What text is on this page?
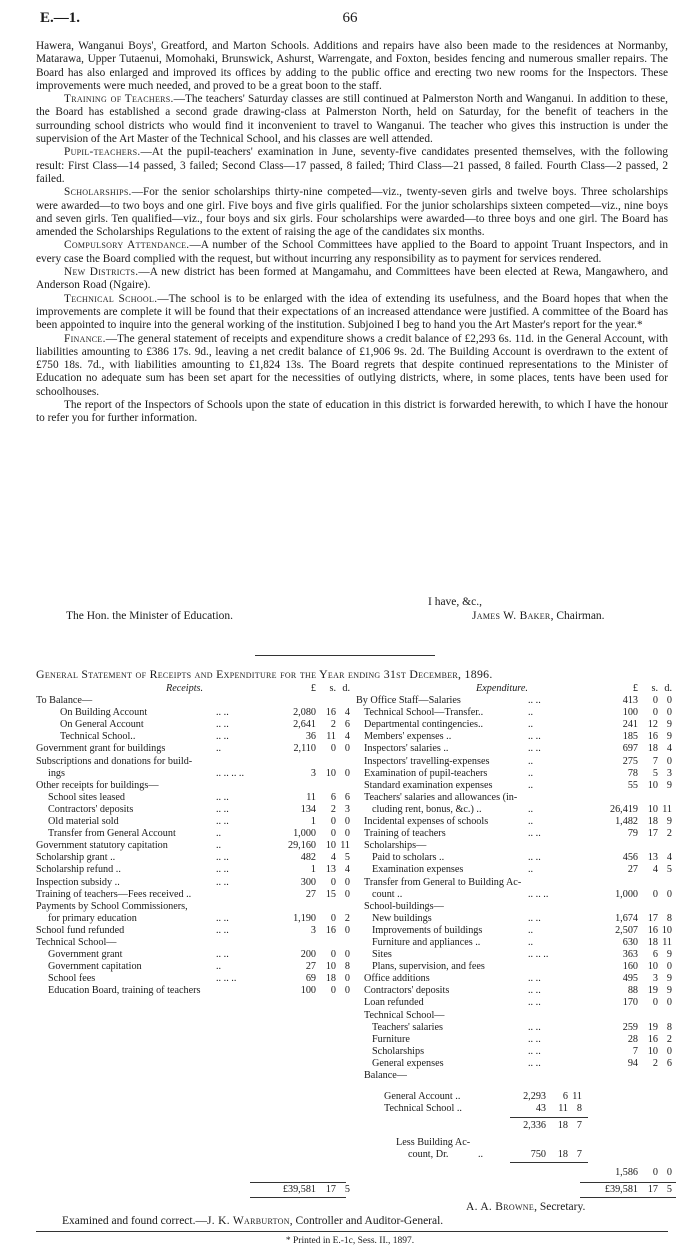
E.—1.	66

Hawera, Wanganui Boys', Greatford, and Marton Schools. Additions and repairs have also been made to the residences at Normanby, Matarawa, Upper Tutaenui, Momohaki, Brunswick, Ashurst, Warrengate, and Foxton, besides fencing and numerous smaller repairs. The Board has also enlarged and improved its offices by adding to the public office and erecting two new rooms for the Inspectors. These improvements were much needed, and proved to be a great boon to the staff.

Training of Teachers.—The teachers' Saturday classes are still continued at Palmerston North and Wanganui. In addition to these, the Board has established a second grade drawing-class at Palmerston North, held on Saturday, for the benefit of teachers in the surrounding school districts who would find it inconvenient to travel to Wanganui. The teacher who gives this instruction is under the supervision of the Art Master of the Technical School, and his classes are well attended.

Pupil-teachers.—At the pupil-teachers' examination in June, seventy-five candidates presented themselves, with the following result: First Class—14 passed, 3 failed; Second Class—17 passed, 8 failed; Third Class—21 passed, 8 failed. Fourth Class—2 passed, 2 failed.

Scholarships.—For the senior scholarships thirty-nine competed—viz., twenty-seven girls and twelve boys. Three scholarships were awarded—to two boys and one girl. Five boys and five girls qualified. For the junior scholarships sixteen competed—viz., nine boys and seven girls. Ten qualified—viz., four boys and six girls. Four scholarships were awarded—to three boys and one girl. The Board has amended the Scholarships Regulations to the extent of raising the age of the candidates six months.

Compulsory Attendance.—A number of the School Committees have applied to the Board to appoint Truant Inspectors, and in every case the Board complied with the request, but without incurring any responsibility as to payment for services rendered.

New Districts.—A new district has been formed at Mangamahu, and Committees have been elected at Rewa, Mangawhero, and Anderson Road (Ngaire).

Technical School.—The school is to be enlarged with the idea of extending its usefulness, and the Board hopes that when the improvements are complete it will be found that their expectations of an increased attendance were justified. A committee of the Board has been appointed to inquire into the general working of the institution. Subjoined I beg to hand you the Art Master's report for the year.*

Finance.—The general statement of receipts and expenditure shows a credit balance of £2,293 6s. 11d. in the General Account, with liabilities amounting to £386 17s. 9d., leaving a net credit balance of £1,906 9s. 2d. The Building Account is overdrawn to the extent of £750 18s. 7d., with liabilities amounting to £1,824 13s. The Board regrets that despite continued representations to the Minister of Education no adequate sum has been set apart for the necessities of outlying districts, where, in some places, tents have been used for schoolhouses.

The report of the Inspectors of Schools upon the state of education in this district is forwarded herewith, to which I have the honour to refer you for further information.

I have, &c.,
The Hon. the Minister of Education.	James W. Baker, Chairman.
General Statement of Receipts and Expenditure for the Year ending 31st December, 1896.
Receipts.	£	s. d.
To Balance—
On Building Account	.. ..	2,080 16 4
On General Account	.. ..	2,641	2 6
Technical School..	.. ..	36 11 4
Government grant for buildings	..	2,110	0 0
Subscriptions and donations for build-
ings	.. .. .. ..	3 10 0
Other receipts for buildings—
School sites leased	.. ..	11	6 6
Contractors' deposits	.. ..	134	2 3
Old material sold	.. ..	1	0 0
Transfer from General Account	..	1,000	0 0
Government statutory capitation	..	29,160 10 11
Scholarship grant ..	.. ..	482	4 5
Scholarship refund ..	.. ..	1 13 4
Inspection subsidy ..	.. ..	300	0 0
Training of teachers—Fees received ..	27 15 0
Payments by School Commissioners,
for primary education	.. ..	1,190	0 2
School fund refunded	.. ..	3 16 0
Technical School—
Government grant	.. ..	200	0 0
Government capitation	..	27 10 8
School fees	.. .. ..	69 18 0
Education Board, training of teachers	100	0 0
Expenditure.	£	s. d.
By Office Staff—Salaries	.. ..	413	0 0
Technical School—Transfer..	..	100	0 0
Departmental contingencies..	..	241 12 9
Members' expenses ..	.. ..	185 16 9
Inspectors' salaries ..	.. ..	697 18 4
Inspectors' travelling-expenses	..	275	7 0
Examination of pupil-teachers	..	78	5 3
Standard examination expenses	..	55 10 9
Teachers' salaries and allowances (in-
cluding rent, bonus, &c.) ..	..	26,419 10 11
Incidental expenses of schools	..	1,482 18 9
Training of teachers	.. ..	79 17 2
Scholarships—
Paid to scholars ..	.. ..	456 13 4
Examination expenses	..	27	4 5
Transfer from General to Building Ac-
count ..	.. .. ..	1,000	0 0
School-buildings—
New buildings	.. ..	1,674 17 8
Improvements of buildings	..	2,507 16 10
Furniture and appliances ..	..	630 18 11
Sites	.. .. ..	363	6 9
Plans, supervision, and fees	160 10 0
Office additions	.. ..	495	3 9
Contractors' deposits	.. ..	88 19 9
Loan refunded	.. ..	170	0 0
Technical School—
Teachers' salaries	.. ..	259 19 8
Furniture	.. ..	28 16 2
Scholarships	.. ..	7 10 0
General expenses	.. ..	94	2 6
Balance—
General Account ..	2,293	6 11
Technical School ..	43	11 8
2,336	18 7
Less Building Ac-
count, Dr.	..	750	18 7
1,586	0 0
£39,581 17 5	£39,581 17 5
A. A. Browne, Secretary.
Examined and found correct.—J. K. Warburton, Controller and Auditor-General.
* Printed in E.-1c, Sess. II., 1897.
